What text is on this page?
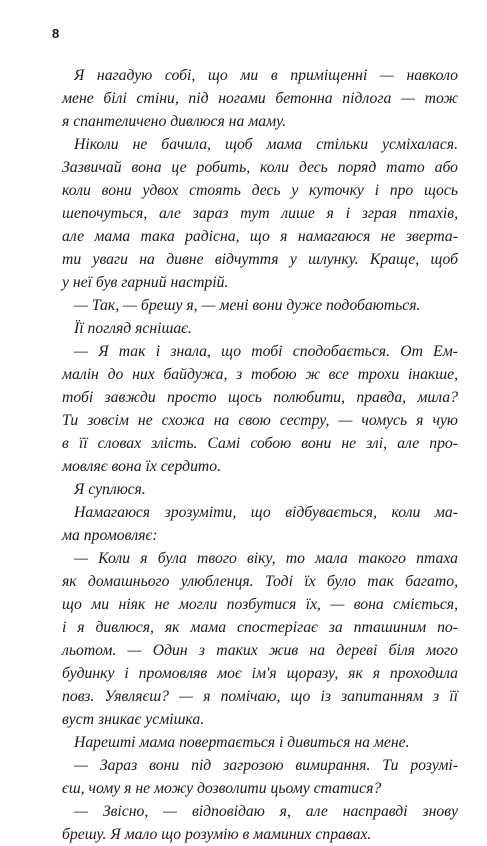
8

Я нагадую собі, що ми в приміщенні — навколо
мене білі стіни, під ногами бетонна підлога — тож
я спантеличено дивлюся на маму.

Ніколи не бачила, щоб мама стільки усміхалася.
Зазвичай вона це робить, коли десь поряд тато або
коли вони удвох стоять десь у куточку і про щось
шепочуться, але зараз тут лише я і зграя птахів,
але мама така радісна, що я намагаюся не зверта-
ти уваги на дивне відчуття у шлунку. Краще, щоб
у неї був гарний настрій.

— Так, — брешу я, — мені вони дуже подобаються.

Її погляд яснішає.

— Я так і знала, що тобі сподобається. От Ем-
малін до них байдужа, з тобою ж все трохи інакше,
тобі завжди просто щось полюбити, правда, мила?
Ти зовсім не схожа на свою сестру, — чомусь я чую
в її словах злість. Самі собою вони не злі, але про-
мовляє вона їх сердито.

Я суплюся.

Намагаюся зрозуміти, що відбувається, коли ма-
ма промовляє:

— Коли я була твого віку, то мала такого птаха
як домашнього улюбленця. Тоді їх було так багато,
що ми ніяк не могли позбутися їх, — вона сміється,
і я дивлюся, як мама спостерігає за пташиним по-
льотом. — Один з таких жив на дереві біля мого
будинку і промовляв моє ім'я щоразу, як я проходила
повз. Уявляєш? — я помічаю, що із запитанням з її
вуст зникає усмішка.

Нарешті мама повертається і дивиться на мене.

— Зараз вони під загрозою вимирання. Ти розумі-
єш, чому я не можу дозволити цьому статися?

— Звісно, — відповідаю я, але насправді знову
брешу. Я мало що розумію в маминих справах.
